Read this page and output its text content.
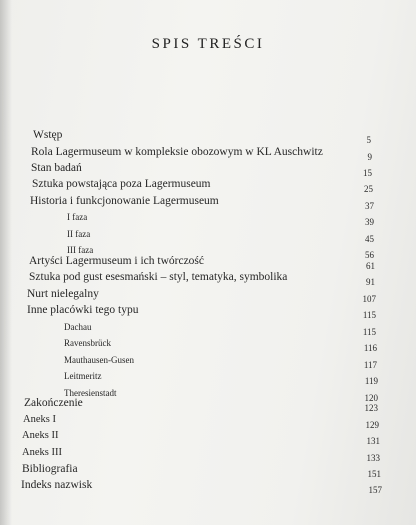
SPIS TREŚCI
Wstęp	5
Rola Lagermuseum w kompleksie obozowym w KL Auschwitz	9
Stan badań	15
Sztuka powstająca poza Lagermuseum	25
Historia i funkcjonowanie Lagermuseum	37
I faza	39
II faza	45
III faza	56
Artyści Lagermuseum i ich twórczość	61
Sztuka pod gust esesmański – styl, tematyka, symbolika	91
Nurt nielegalny	107
Inne placówki tego typu	115
Dachau	115
Ravensbrück	116
Mauthausen-Gusen	117
Leitmeritz	119
Theresienstadt	120
Zakończenie	123
Aneks I	129
Aneks II	131
Aneks III	133
Bibliografia	151
Indeks nazwisk	157
